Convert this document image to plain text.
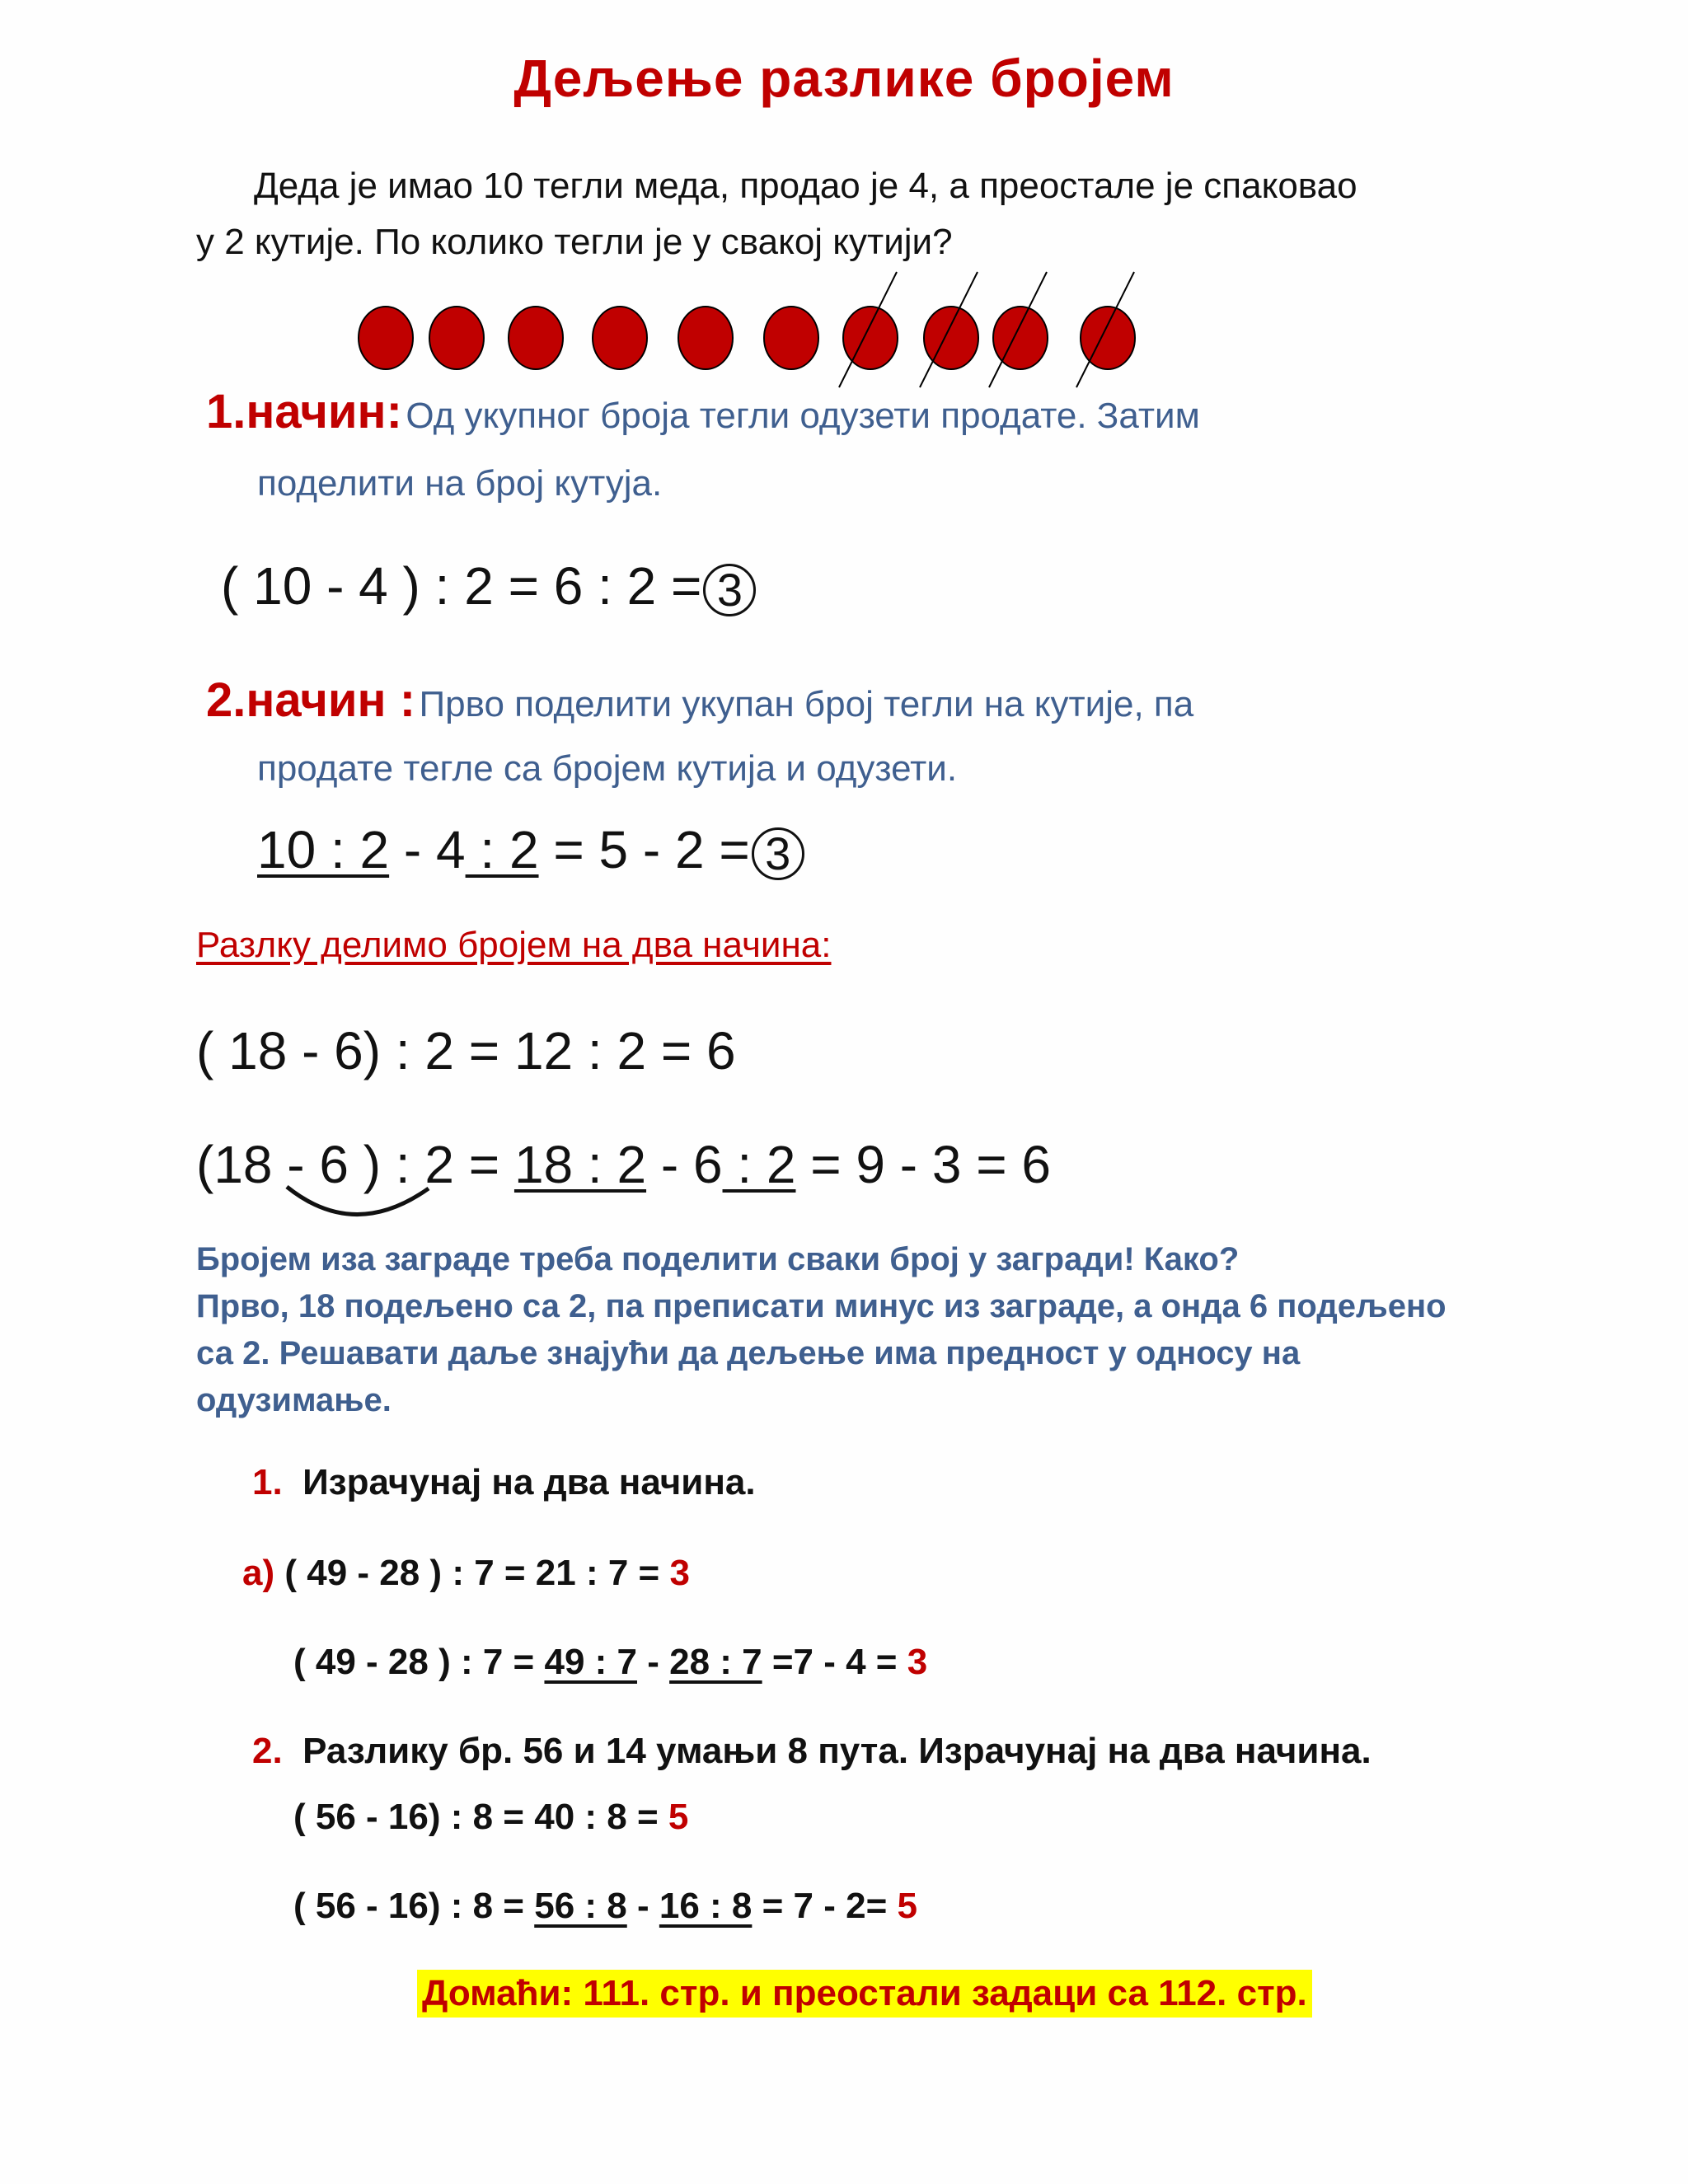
Дељење разлике бројем
Деда је имао 10 тегли меда, продао је 4, а преостале је спаковао
у 2 кутије. По колико тегли је у свакој кутији?
1.начин: Од укупног броја тегли одузети продате. Затим
поделити на број кутуја.
( 10 - 4 ) : 2 = 6 : 2 = 3
2.начин : Прво поделити укупан број тегли на кутије, па
продате тегле са бројем кутија и одузети.
10 : 2 - 4 : 2 = 5 - 2 = 3
Разлку делимо бројем на два начина:
( 18 - 6) : 2 = 12 : 2 = 6
(18 - 6 ) : 2 = 18 : 2 - 6 : 2 = 9 - 3 = 6
Бројем иза заграде треба поделити сваки број у загради! Како?
Прво, 18 подељено са 2, па преписати минус из заграде, а онда 6 подељено
са 2. Решавати даље знајући да дељење има предност у односу на
одузимање.
1. Израчунај на два начина.
а) ( 49 - 28 ) : 7 = 21 : 7 = 3
( 49 - 28 ) : 7 = 49 : 7 - 28 : 7 =7 - 4 = 3
2. Разлику бр. 56 и 14 умањи 8 пута. Израчунај на два начина.
( 56 - 16) : 8 = 40 : 8 = 5
( 56 - 16) : 8 = 56 : 8 - 16 : 8 = 7 - 2= 5
Домаћи: 111. стр. и преостали задаци са 112. стр.
